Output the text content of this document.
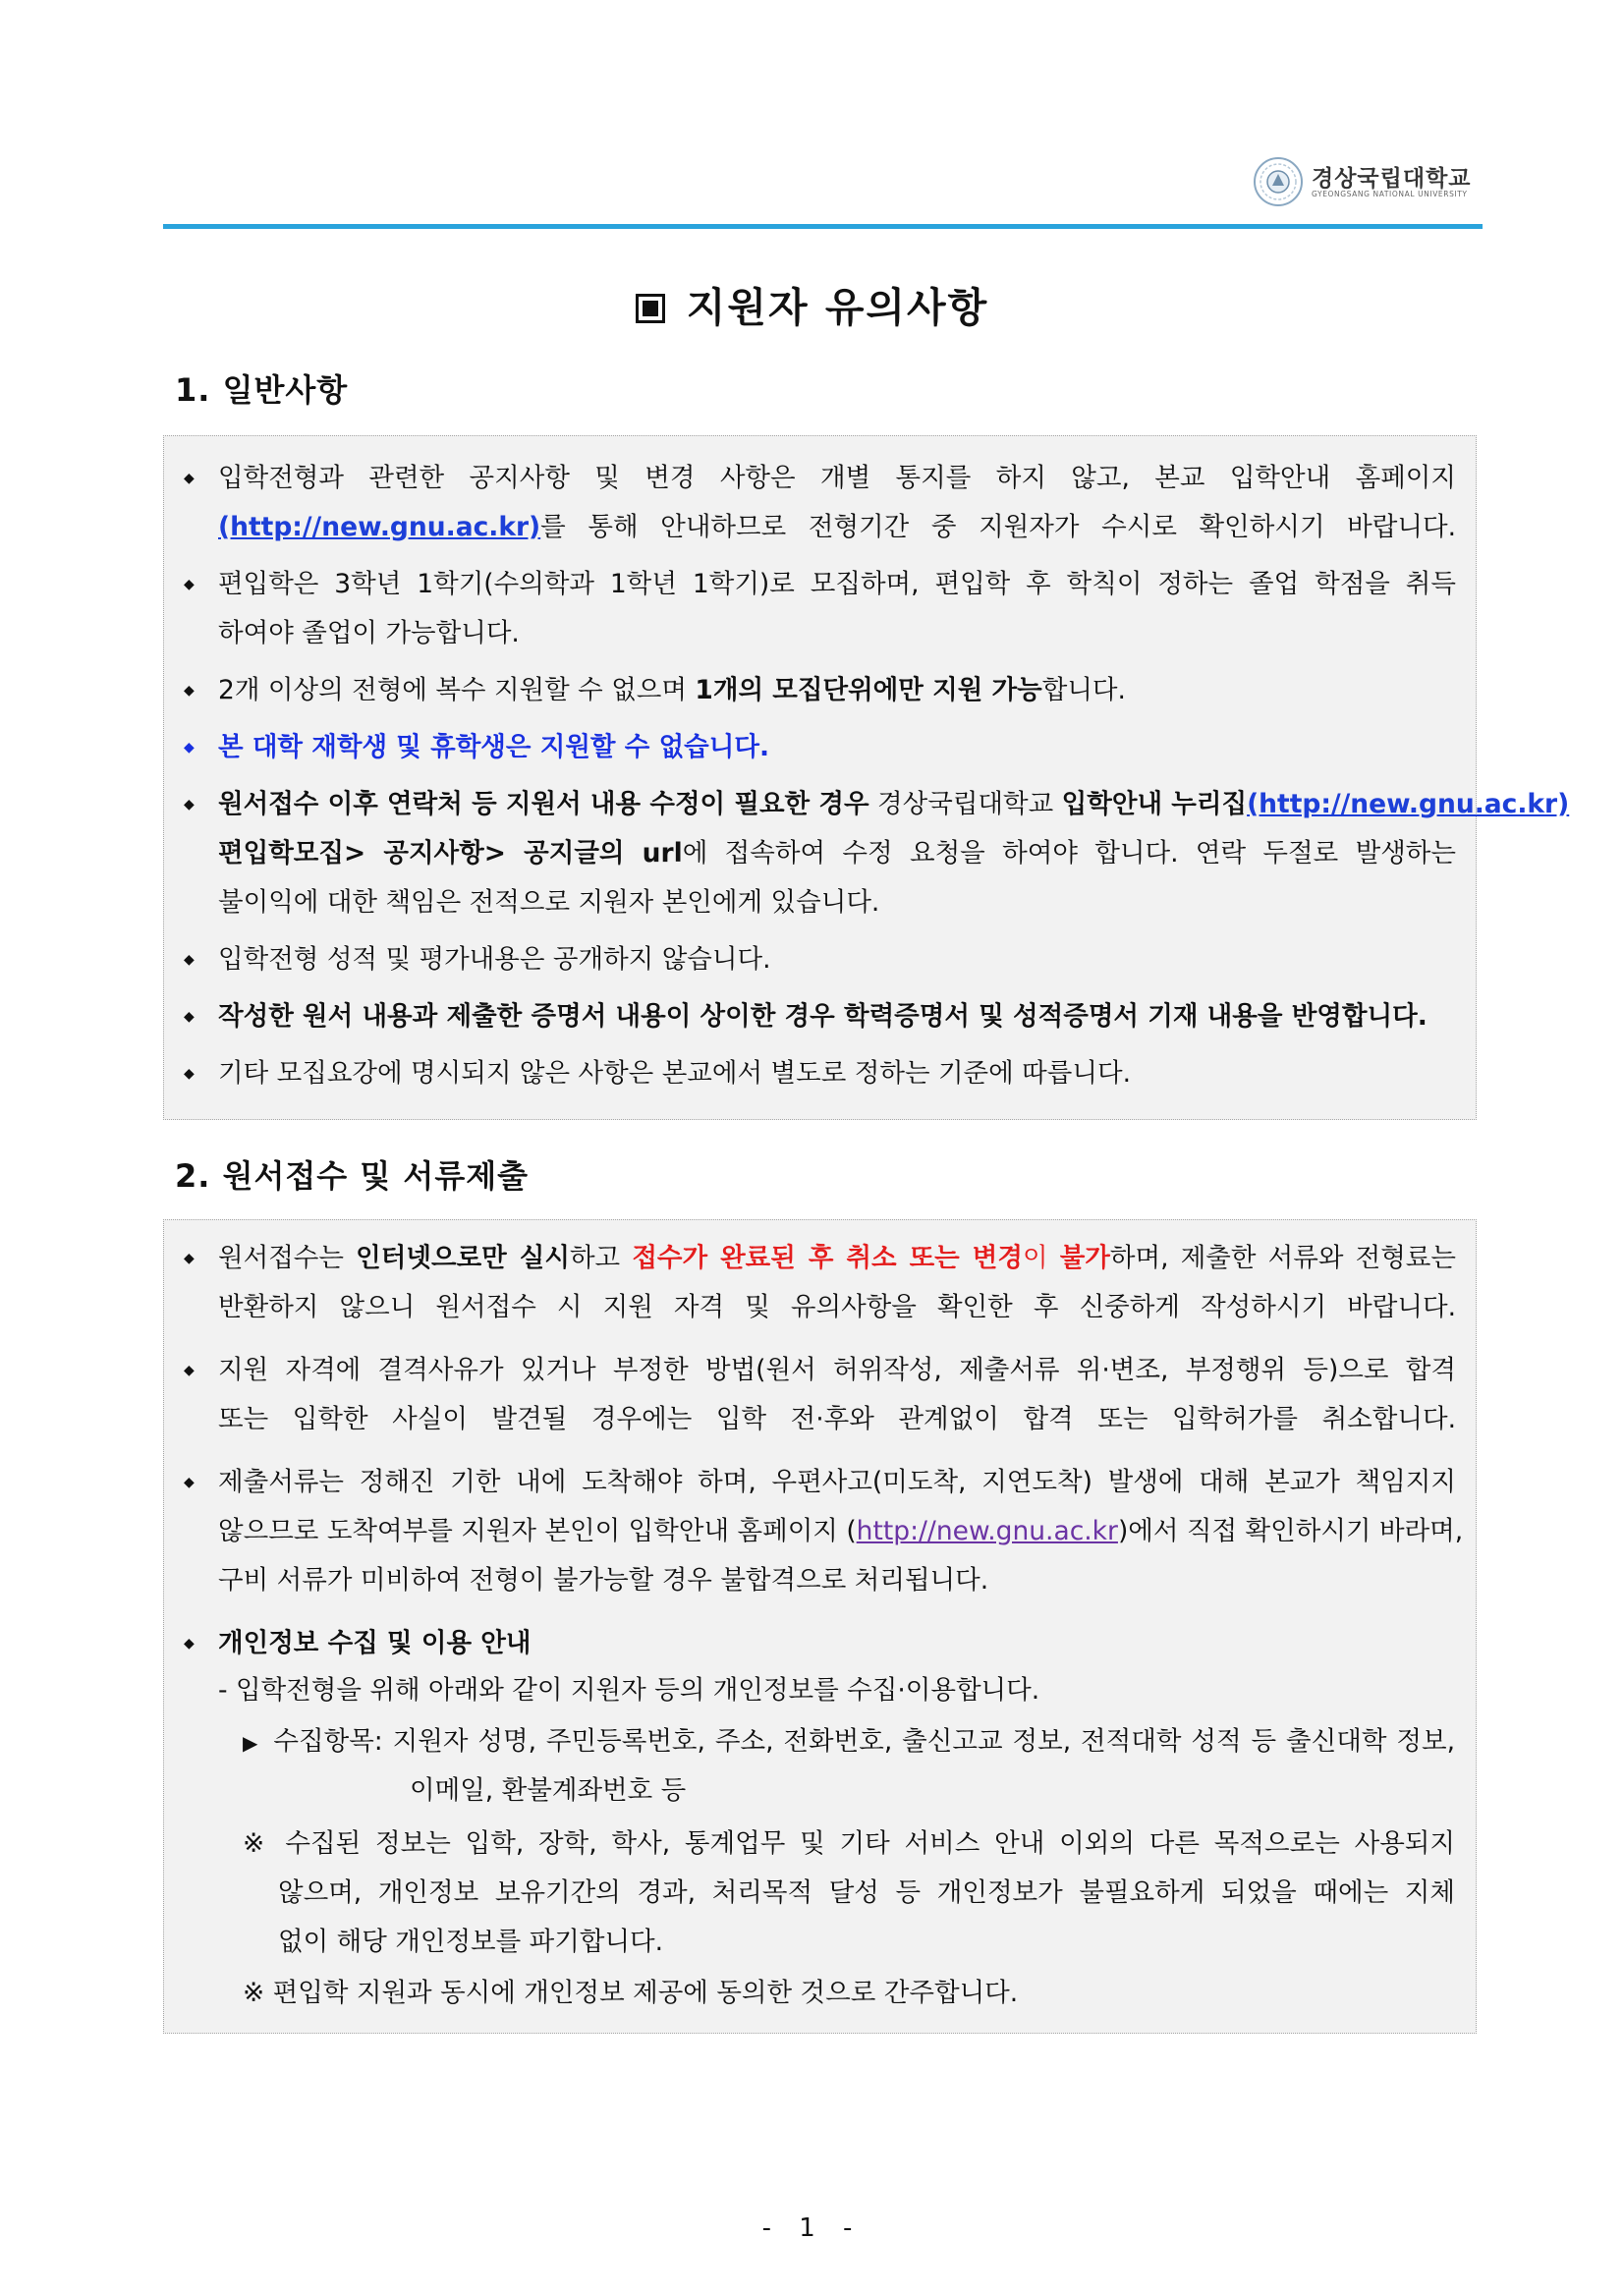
경상국립대학교
GYEONGSANG NATIONAL UNIVERSITY
지원자 유의사항
1. 일반사항
◆ 입학전형과 관련한 공지사항 및 변경 사항은 개별 통지를 하지 않고, 본교 입학안내 홈페이지
(http://new.gnu.ac.kr)를 통해 안내하므로 전형기간 중 지원자가 수시로 확인하시기 바랍니다.
◆ 편입학은 3학년 1학기(수의학과 1학년 1학기)로 모집하며, 편입학 후 학칙이 정하는 졸업 학점을 취득
하여야 졸업이 가능합니다.
◆ 2개 이상의 전형에 복수 지원할 수 없으며 1개의 모집단위에만 지원 가능합니다.
◆ 본 대학 재학생 및 휴학생은 지원할 수 없습니다.
◆ 원서접수 이후 연락처 등 지원서 내용 수정이 필요한 경우 경상국립대학교 입학안내 누리집(http://new.gnu.ac.kr)
편입학모집> 공지사항> 공지글의 url에 접속하여 수정 요청을 하여야 합니다. 연락 두절로 발생하는
불이익에 대한 책임은 전적으로 지원자 본인에게 있습니다.
◆ 입학전형 성적 및 평가내용은 공개하지 않습니다.
◆ 작성한 원서 내용과 제출한 증명서 내용이 상이한 경우 학력증명서 및 성적증명서 기재 내용을 반영합니다.
◆ 기타 모집요강에 명시되지 않은 사항은 본교에서 별도로 정하는 기준에 따릅니다.
2. 원서접수 및 서류제출
◆ 원서접수는 인터넷으로만 실시하고 접수가 완료된 후 취소 또는 변경이 불가하며, 제출한 서류와 전형료는
반환하지 않으니 원서접수 시 지원 자격 및 유의사항을 확인한 후 신중하게 작성하시기 바랍니다.
◆ 지원 자격에 결격사유가 있거나 부정한 방법(원서 허위작성, 제출서류 위·변조, 부정행위 등)으로 합격
또는 입학한 사실이 발견될 경우에는 입학 전·후와 관계없이 합격 또는 입학허가를 취소합니다.
◆ 제출서류는 정해진 기한 내에 도착해야 하며, 우편사고(미도착, 지연도착) 발생에 대해 본교가 책임지지
않으므로 도착여부를 지원자 본인이 입학안내 홈페이지 (http://new.gnu.ac.kr)에서 직접 확인하시기 바라며,
구비 서류가 미비하여 전형이 불가능할 경우 불합격으로 처리됩니다.
◆ 개인정보 수집 및 이용 안내
- 입학전형을 위해 아래와 같이 지원자 등의 개인정보를 수집·이용합니다.
▶ 수집항목: 지원자 성명, 주민등록번호, 주소, 전화번호, 출신고교 정보, 전적대학 성적 등 출신대학 정보,
이메일, 환불계좌번호 등
※ 수집된 정보는 입학, 장학, 학사, 통계업무 및 기타 서비스 안내 이외의 다른 목적으로는 사용되지
않으며, 개인정보 보유기간의 경과, 처리목적 달성 등 개인정보가 불필요하게 되었을 때에는 지체
없이 해당 개인정보를 파기합니다.
※ 편입학 지원과 동시에 개인정보 제공에 동의한 것으로 간주합니다.
- 1 -
